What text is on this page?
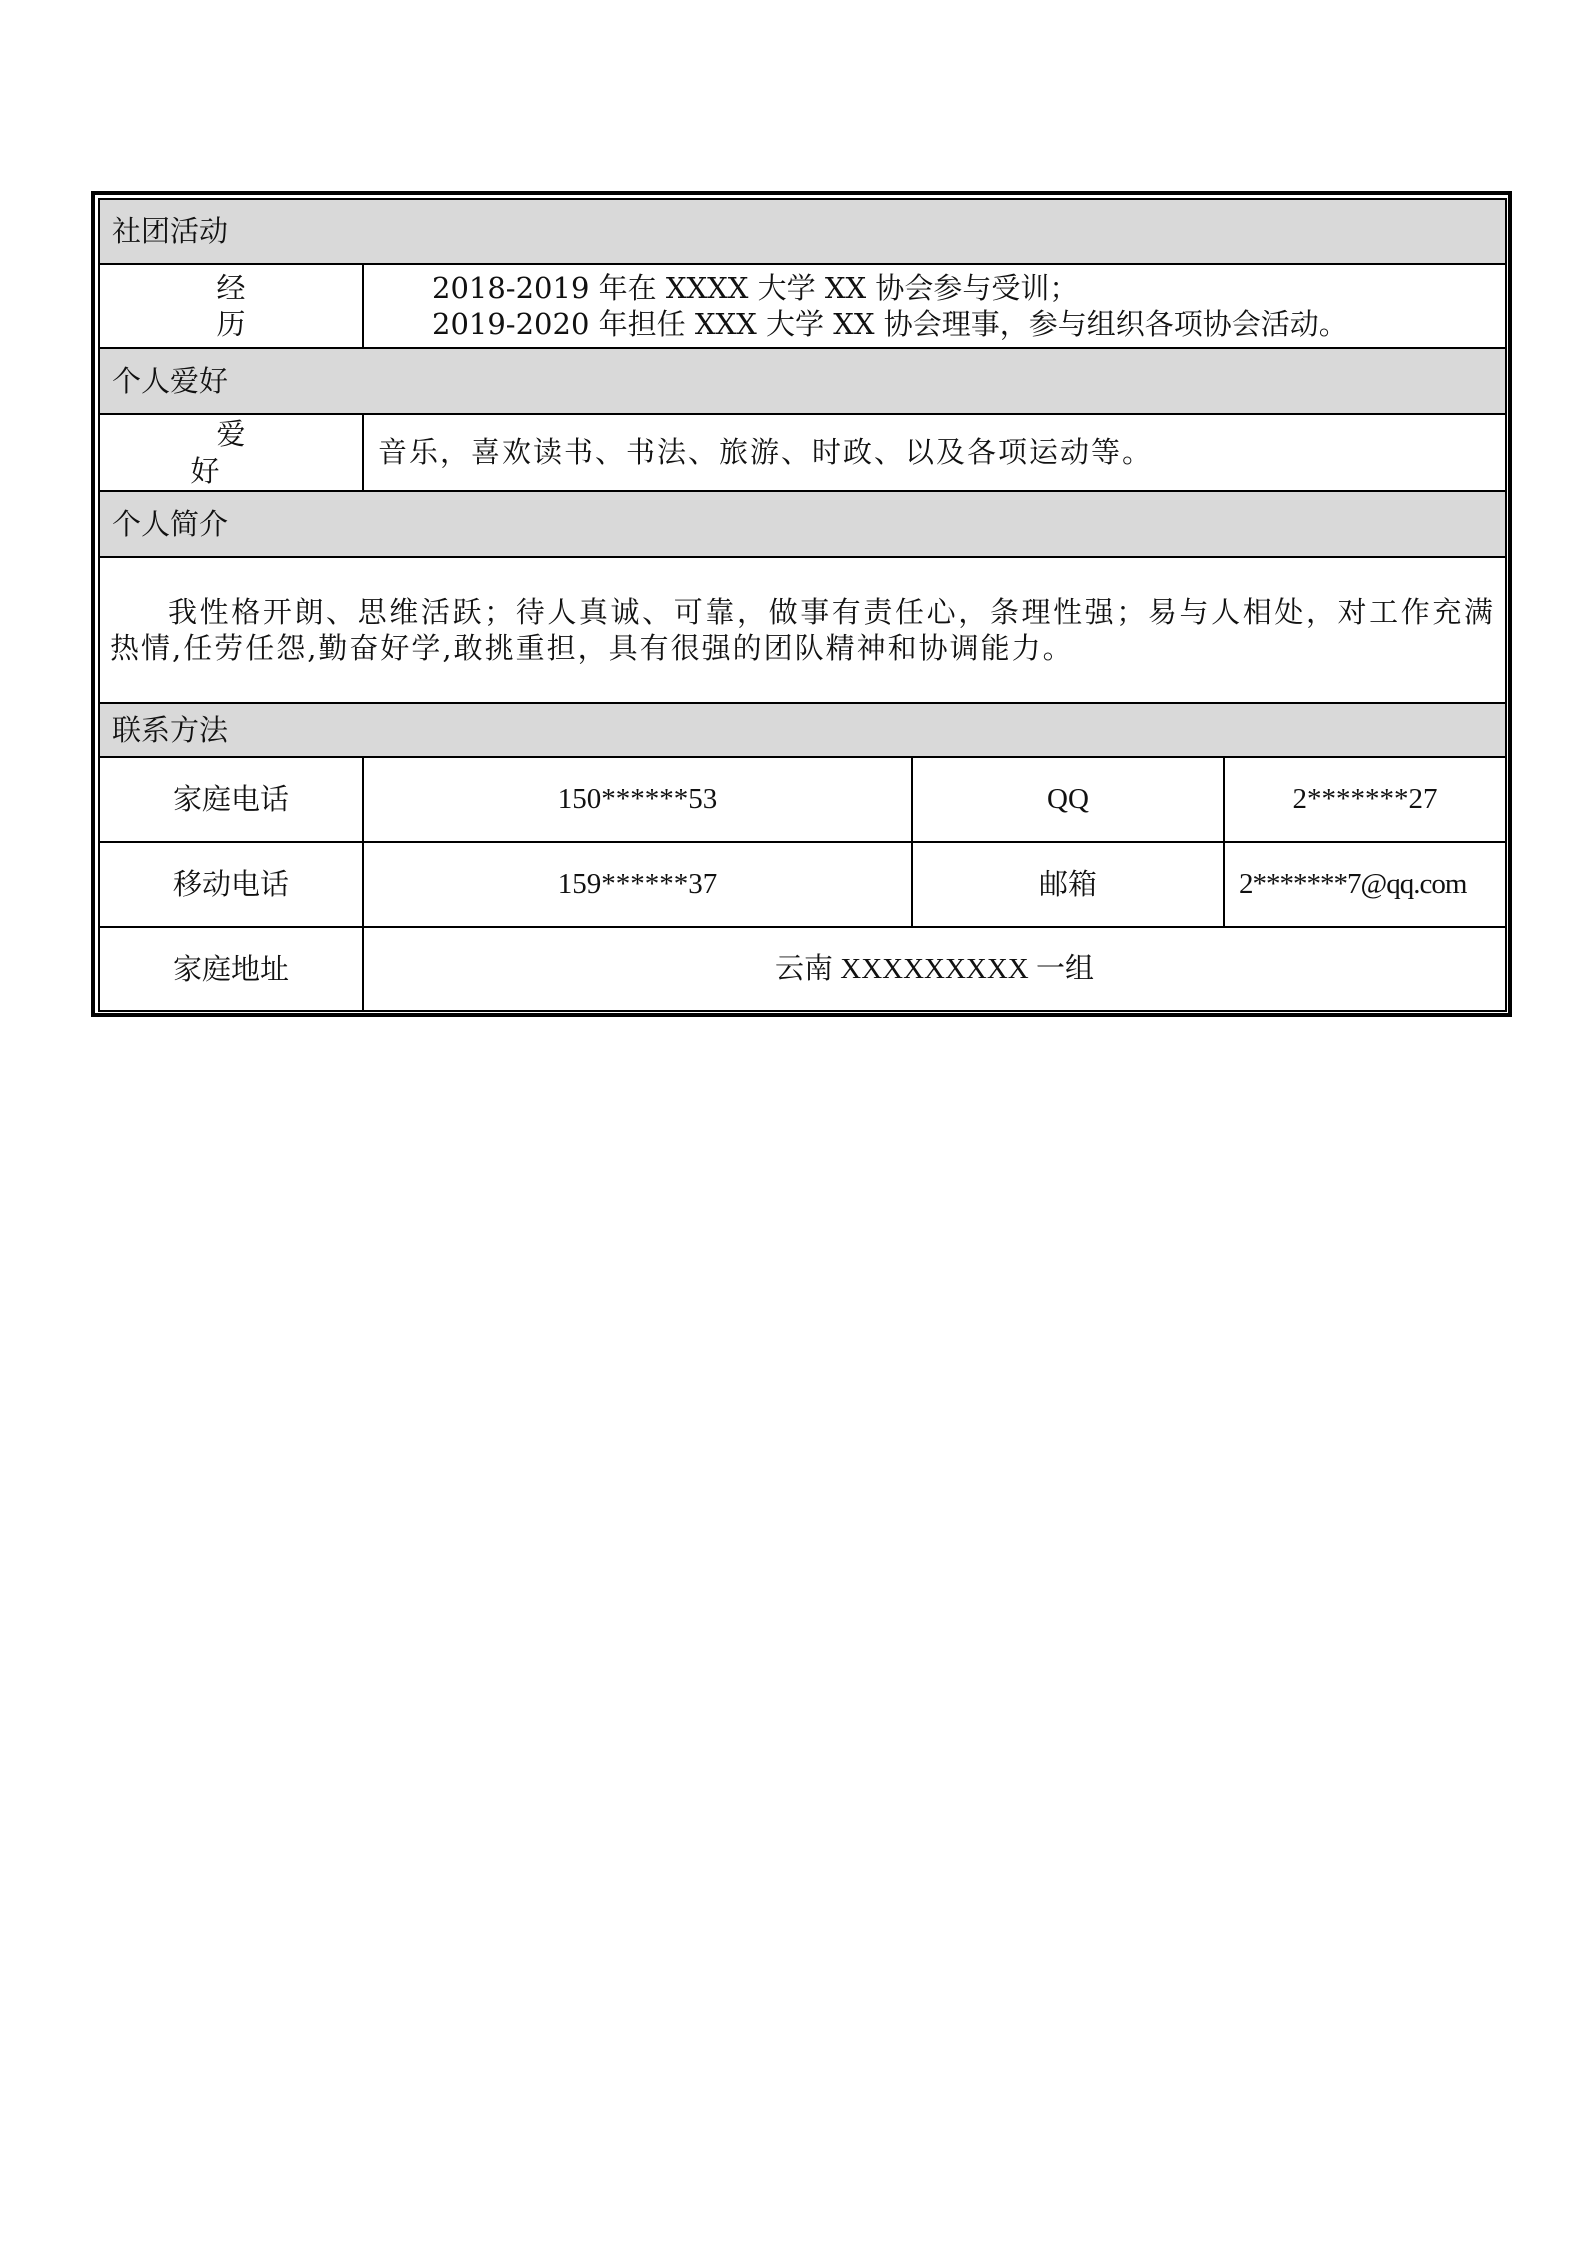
社团活动			

经
历	2018-2019 年在 XXXX 大学 XX 协会参与受训；
2019-2020 年担任 XXX 大学 XX 协会理事，参与组织各项协会活动。		

个人爱好			
爱 好	音乐，喜欢读书、书法、旅游、时政、以及各项运动等。		
个人简介			

我性格开朗、思维活跃；待人真诚、可靠，做事有责任心，条理性强；易与人相处，对工作充满热情,任劳任怨,勤奋好学,敢挑重担，具有很强的团队精神和协调能力。			

联系方法			
家庭电话	150******53	QQ	2*******27
移动电话	159******37	邮箱	2*******7@qq.com
家庭地址	云南 XXXXXXXXX 一组		
